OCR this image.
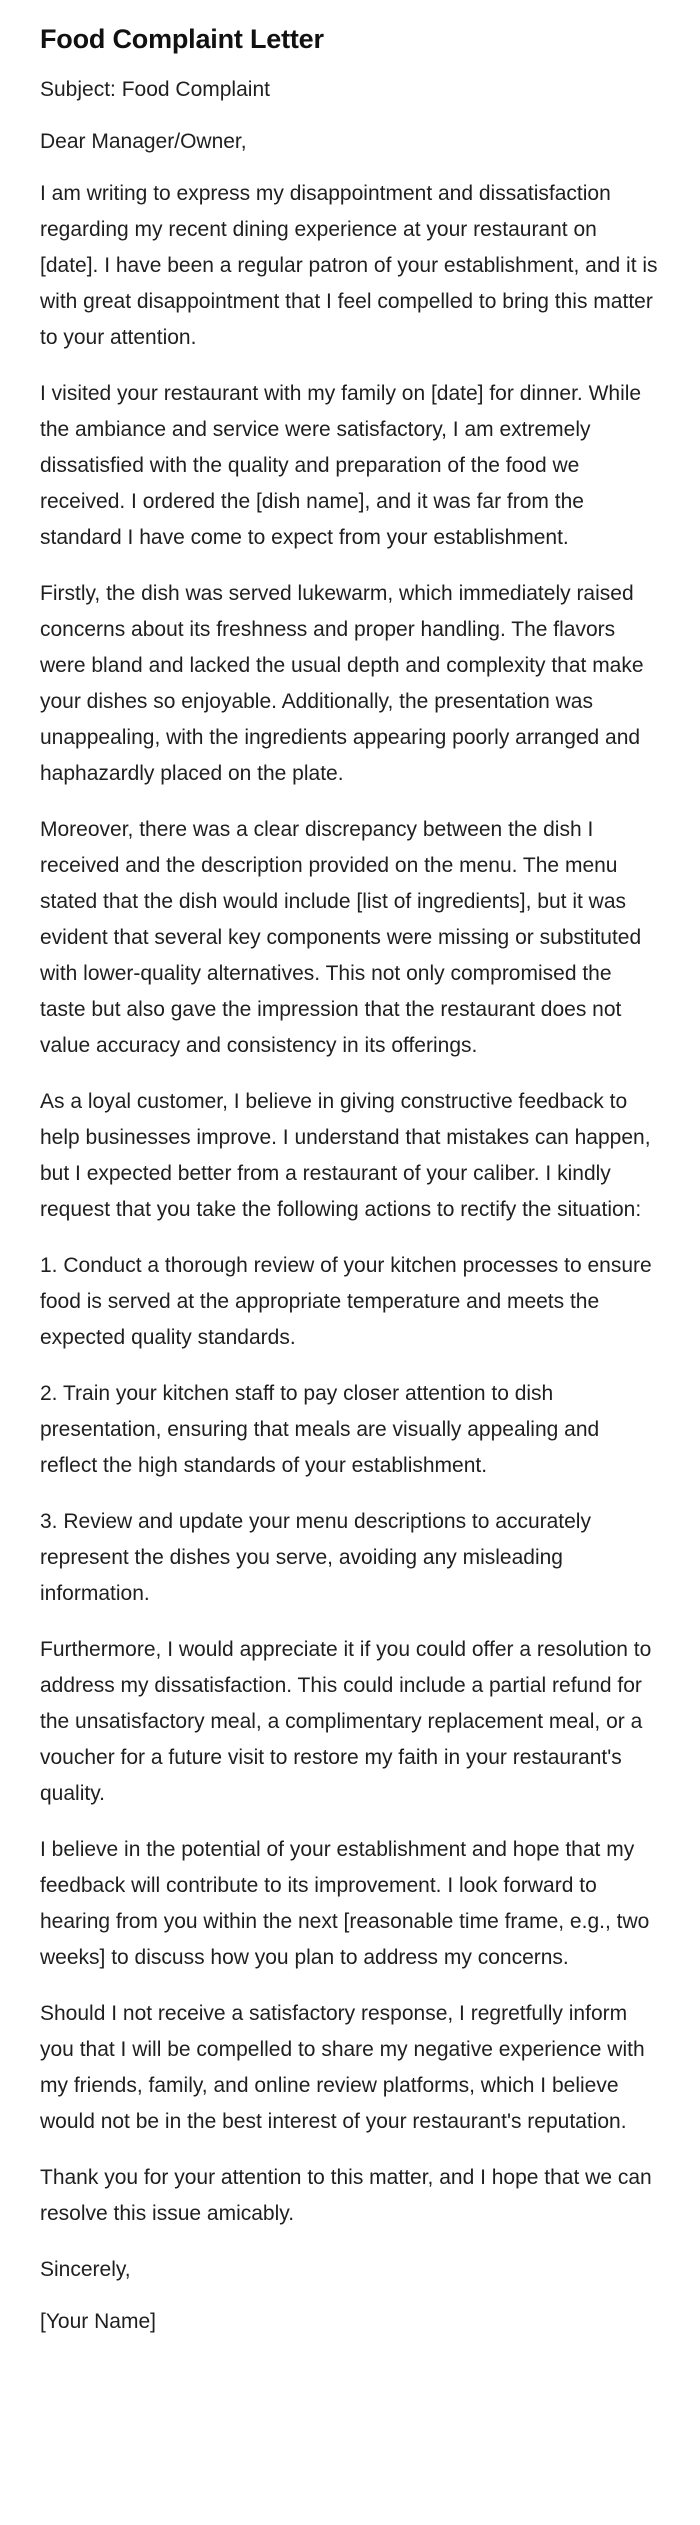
Food Complaint Letter

Subject: Food Complaint

Dear Manager/Owner,

I am writing to express my disappointment and dissatisfaction regarding my recent dining experience at your restaurant on [date]. I have been a regular patron of your establishment, and it is with great disappointment that I feel compelled to bring this matter to your attention.

I visited your restaurant with my family on [date] for dinner. While the ambiance and service were satisfactory, I am extremely dissatisfied with the quality and preparation of the food we received. I ordered the [dish name], and it was far from the standard I have come to expect from your establishment.

Firstly, the dish was served lukewarm, which immediately raised concerns about its freshness and proper handling. The flavors were bland and lacked the usual depth and complexity that make your dishes so enjoyable. Additionally, the presentation was unappealing, with the ingredients appearing poorly arranged and haphazardly placed on the plate.

Moreover, there was a clear discrepancy between the dish I received and the description provided on the menu. The menu stated that the dish would include [list of ingredients], but it was evident that several key components were missing or substituted with lower-quality alternatives. This not only compromised the taste but also gave the impression that the restaurant does not value accuracy and consistency in its offerings.

As a loyal customer, I believe in giving constructive feedback to help businesses improve. I understand that mistakes can happen, but I expected better from a restaurant of your caliber. I kindly request that you take the following actions to rectify the situation:

1. Conduct a thorough review of your kitchen processes to ensure food is served at the appropriate temperature and meets the expected quality standards.

2. Train your kitchen staff to pay closer attention to dish presentation, ensuring that meals are visually appealing and reflect the high standards of your establishment.

3. Review and update your menu descriptions to accurately represent the dishes you serve, avoiding any misleading information.

Furthermore, I would appreciate it if you could offer a resolution to address my dissatisfaction. This could include a partial refund for the unsatisfactory meal, a complimentary replacement meal, or a voucher for a future visit to restore my faith in your restaurant's quality.

I believe in the potential of your establishment and hope that my feedback will contribute to its improvement. I look forward to hearing from you within the next [reasonable time frame, e.g., two weeks] to discuss how you plan to address my concerns.

Should I not receive a satisfactory response, I regretfully inform you that I will be compelled to share my negative experience with my friends, family, and online review platforms, which I believe would not be in the best interest of your restaurant's reputation.

Thank you for your attention to this matter, and I hope that we can resolve this issue amicably.

Sincerely,

[Your Name]
